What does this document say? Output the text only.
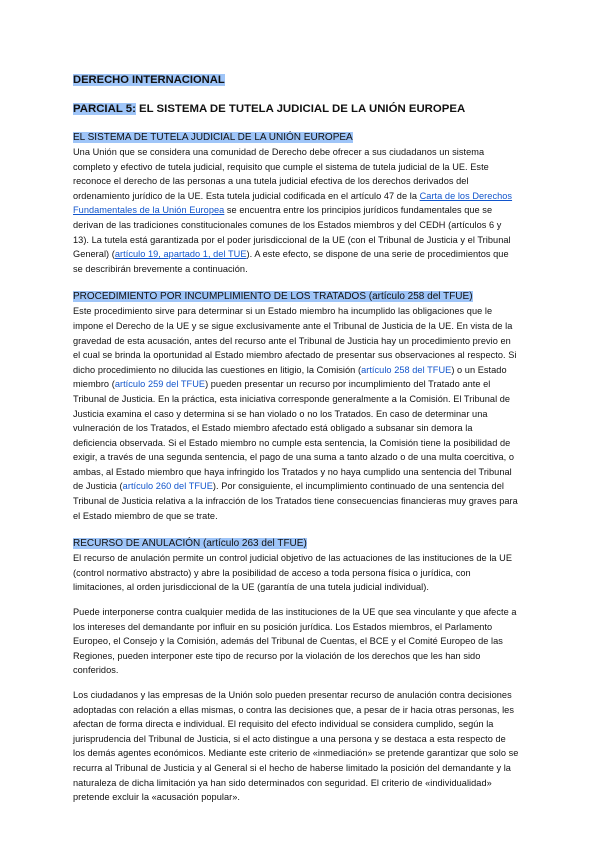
DERECHO INTERNACIONAL
PARCIAL 5: EL SISTEMA DE TUTELA JUDICIAL DE LA UNIÓN EUROPEA
EL SISTEMA DE TUTELA JUDICIAL DE LA UNIÓN EUROPEA

Una Unión que se considera una comunidad de Derecho debe ofrecer a sus ciudadanos un sistema completo y efectivo de tutela judicial, requisito que cumple el sistema de tutela judicial de la UE. Este reconoce el derecho de las personas a una tutela judicial efectiva de los derechos derivados del ordenamiento jurídico de la UE. Esta tutela judicial codificada en el artículo 47 de la Carta de los Derechos Fundamentales de la Unión Europea se encuentra entre los principios jurídicos fundamentales que se derivan de las tradiciones constitucionales comunes de los Estados miembros y del CEDH (artículos 6 y 13). La tutela está garantizada por el poder jurisdiccional de la UE (con el Tribunal de Justicia y el Tribunal General) (artículo 19, apartado 1, del TUE). A este efecto, se dispone de una serie de procedimientos que se describirán brevemente a continuación.

PROCEDIMIENTO POR INCUMPLIMIENTO DE LOS TRATADOS (artículo 258 del TFUE)

Este procedimiento sirve para determinar si un Estado miembro ha incumplido las obligaciones que le impone el Derecho de la UE y se sigue exclusivamente ante el Tribunal de Justicia de la UE. En vista de la gravedad de esta acusación, antes del recurso ante el Tribunal de Justicia hay un procedimiento previo en el cual se brinda la oportunidad al Estado miembro afectado de presentar sus observaciones al respecto. Si dicho procedimiento no dilucida las cuestiones en litigio, la Comisión (artículo 258 del TFUE) o un Estado miembro (artículo 259 del TFUE) pueden presentar un recurso por incumplimiento del Tratado ante el Tribunal de Justicia. En la práctica, esta iniciativa corresponde generalmente a la Comisión. El Tribunal de Justicia examina el caso y determina si se han violado o no los Tratados. En caso de determinar una vulneración de los Tratados, el Estado miembro afectado está obligado a subsanar sin demora la deficiencia observada. Si el Estado miembro no cumple esta sentencia, la Comisión tiene la posibilidad de exigir, a través de una segunda sentencia, el pago de una suma a tanto alzado o de una multa coercitiva, o ambas, al Estado miembro que haya infringido los Tratados y no haya cumplido una sentencia del Tribunal de Justicia (artículo 260 del TFUE). Por consiguiente, el incumplimiento continuado de una sentencia del Tribunal de Justicia relativa a la infracción de los Tratados tiene consecuencias financieras muy graves para el Estado miembro de que se trate.

RECURSO DE ANULACIÓN (artículo 263 del TFUE)

El recurso de anulación permite un control judicial objetivo de las actuaciones de las instituciones de la UE (control normativo abstracto) y abre la posibilidad de acceso a toda persona física o jurídica, con limitaciones, al orden jurisdiccional de la UE (garantía de una tutela judicial individual).

Puede interponerse contra cualquier medida de las instituciones de la UE que sea vinculante y que afecte a los intereses del demandante por influir en su posición jurídica. Los Estados miembros, el Parlamento Europeo, el Consejo y la Comisión, además del Tribunal de Cuentas, el BCE y el Comité Europeo de las Regiones, pueden interponer este tipo de recurso por la violación de los derechos que les han sido conferidos.

Los ciudadanos y las empresas de la Unión solo pueden presentar recurso de anulación contra decisiones adoptadas con relación a ellas mismas, o contra las decisiones que, a pesar de ir hacia otras personas, les afectan de forma directa e individual. El requisito del efecto individual se considera cumplido, según la jurisprudencia del Tribunal de Justicia, si el acto distingue a una persona y se destaca a esta respecto de los demás agentes económicos. Mediante este criterio de «inmediación» se pretende garantizar que solo se recurra al Tribunal de Justicia y al General si el hecho de haberse limitado la posición del demandante y la naturaleza de dicha limitación ya han sido determinados con seguridad. El criterio de «individualidad» pretende excluir la «acusación popular».
